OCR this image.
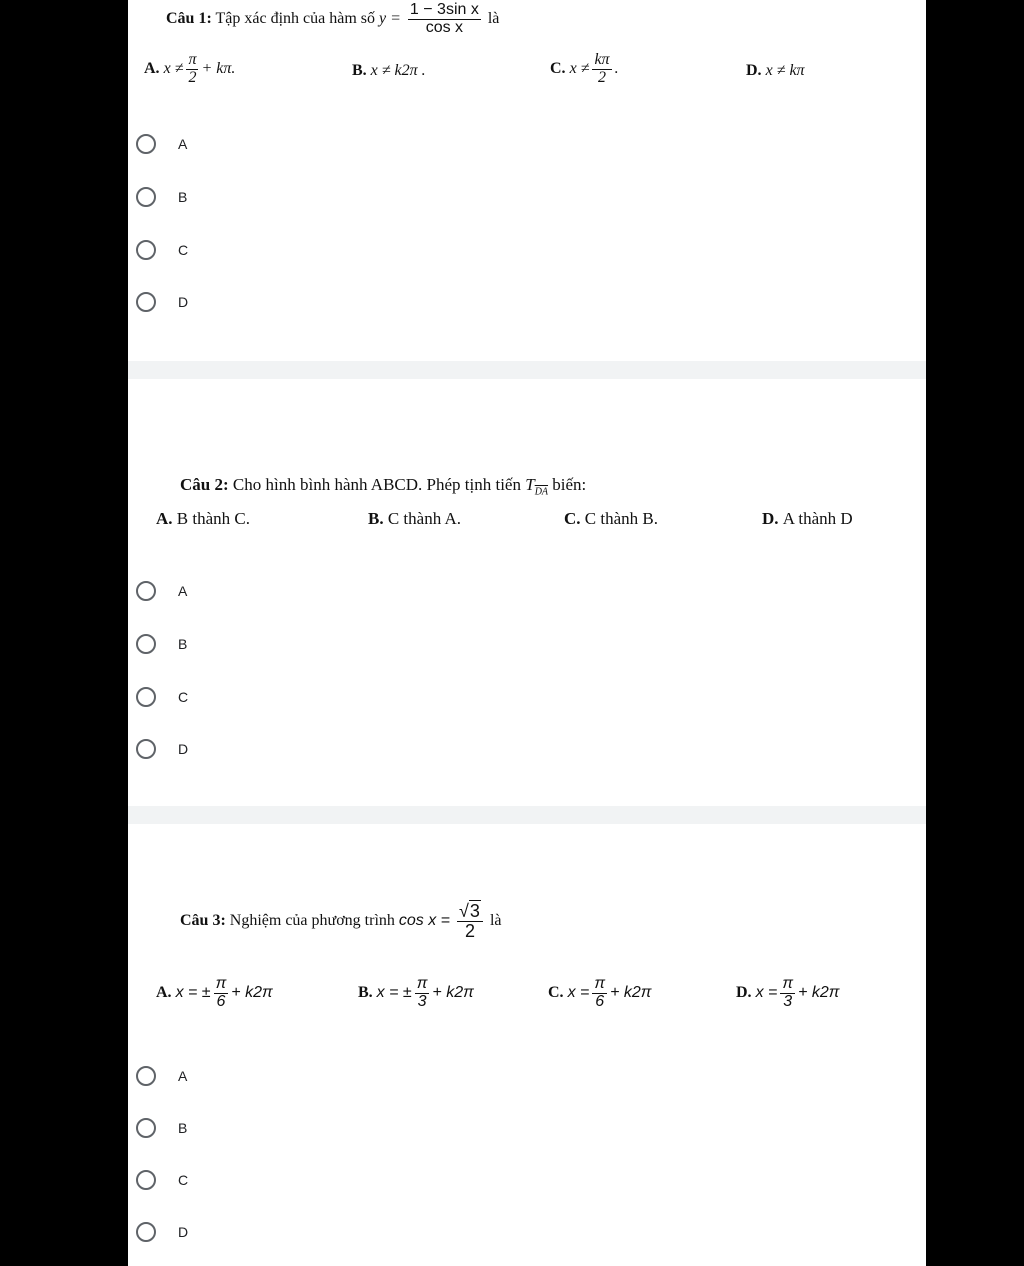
Câu 1: Tập xác định của hàm số $y = \frac{\text{1 − 3sin x}}{\text{cos x}}$ là
A.
$x \ne \frac{\pi}{2} + k\pi$.	B.
x ≠ k2π .	C.
$x \ne \frac{k\pi}{2}$ .	D.
x ≠ kπ
A
B
C
D
Câu 2: Cho hình bình hành ABCD. Phép tịnh tiến $T_{\overline{DA}}$ biến:
A.
B thành C.	B.
C thành A.	C.
C thành B.	D.
A thành D
A
B
C
D
Câu 3: Nghiệm của phương trình $\cos x = \frac{√3}{2}$ là
A.
x = ± $\frac{\pi}{6} + k2\pi$	B.
x = ± $\frac{\pi}{3} + k2\pi$	C.
$x = \frac{\pi}{6} + k2\pi$	D.
$x = \frac{\pi}{3} + k2\pi$
A
B
C
D
